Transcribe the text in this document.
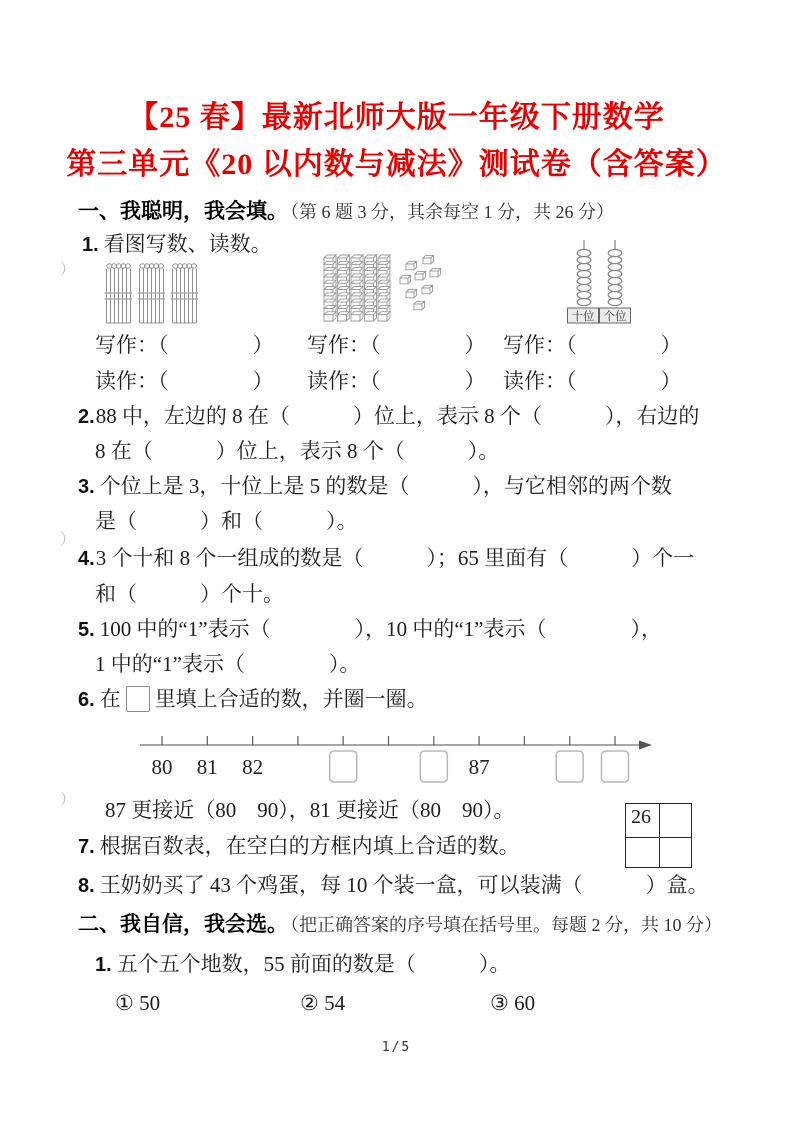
【25 春】最新北师大版一年级下册数学
第三单元《20 以内数与减法》测试卷（含答案）
）
）
）
一、我聪明，我会填。 （第 6 题 3 分，其余每空 1 分，共 26 分）
1. 看图写数、读数。
十位 个位
写作：（　　　　） 写作：（　　　　） 写作：（　　　　）
读作：（　　　　） 读作：（　　　　） 读作：（　　　　）
2.88 中，左边的 8 在（　　　）位上，表示 8 个（　　　），右边的
8 在（　　　）位上，表示 8 个（　　　）。
3. 个位上是 3，十位上是 5 的数是（　　　），与它相邻的两个数
是（　　　）和（　　　）。
4.3 个十和 8 个一组成的数是（　　　）；65 里面有（　　　）个一
和（　　　）个十。
5. 100 中的“1”表示（　　　　），10 中的“1”表示（　　　　），
1 中的“1”表示（　　　　）。
6. 在 里填上合适的数，并圈一圈。
80 81 82	87
87 更接近（80　90），81 更接近（80　90）。
7. 根据百数表，在空白的方框内填上合适的数。
26
8. 王奶奶买了 43 个鸡蛋，每 10 个装一盒，可以装满（　　　）盒。
二、我自信，我会选。 （把正确答案的序号填在括号里。每题 2 分，共 10 分）
1. 五个五个地数，55 前面的数是（　　　）。
① 50	② 54	③ 60
1/5
